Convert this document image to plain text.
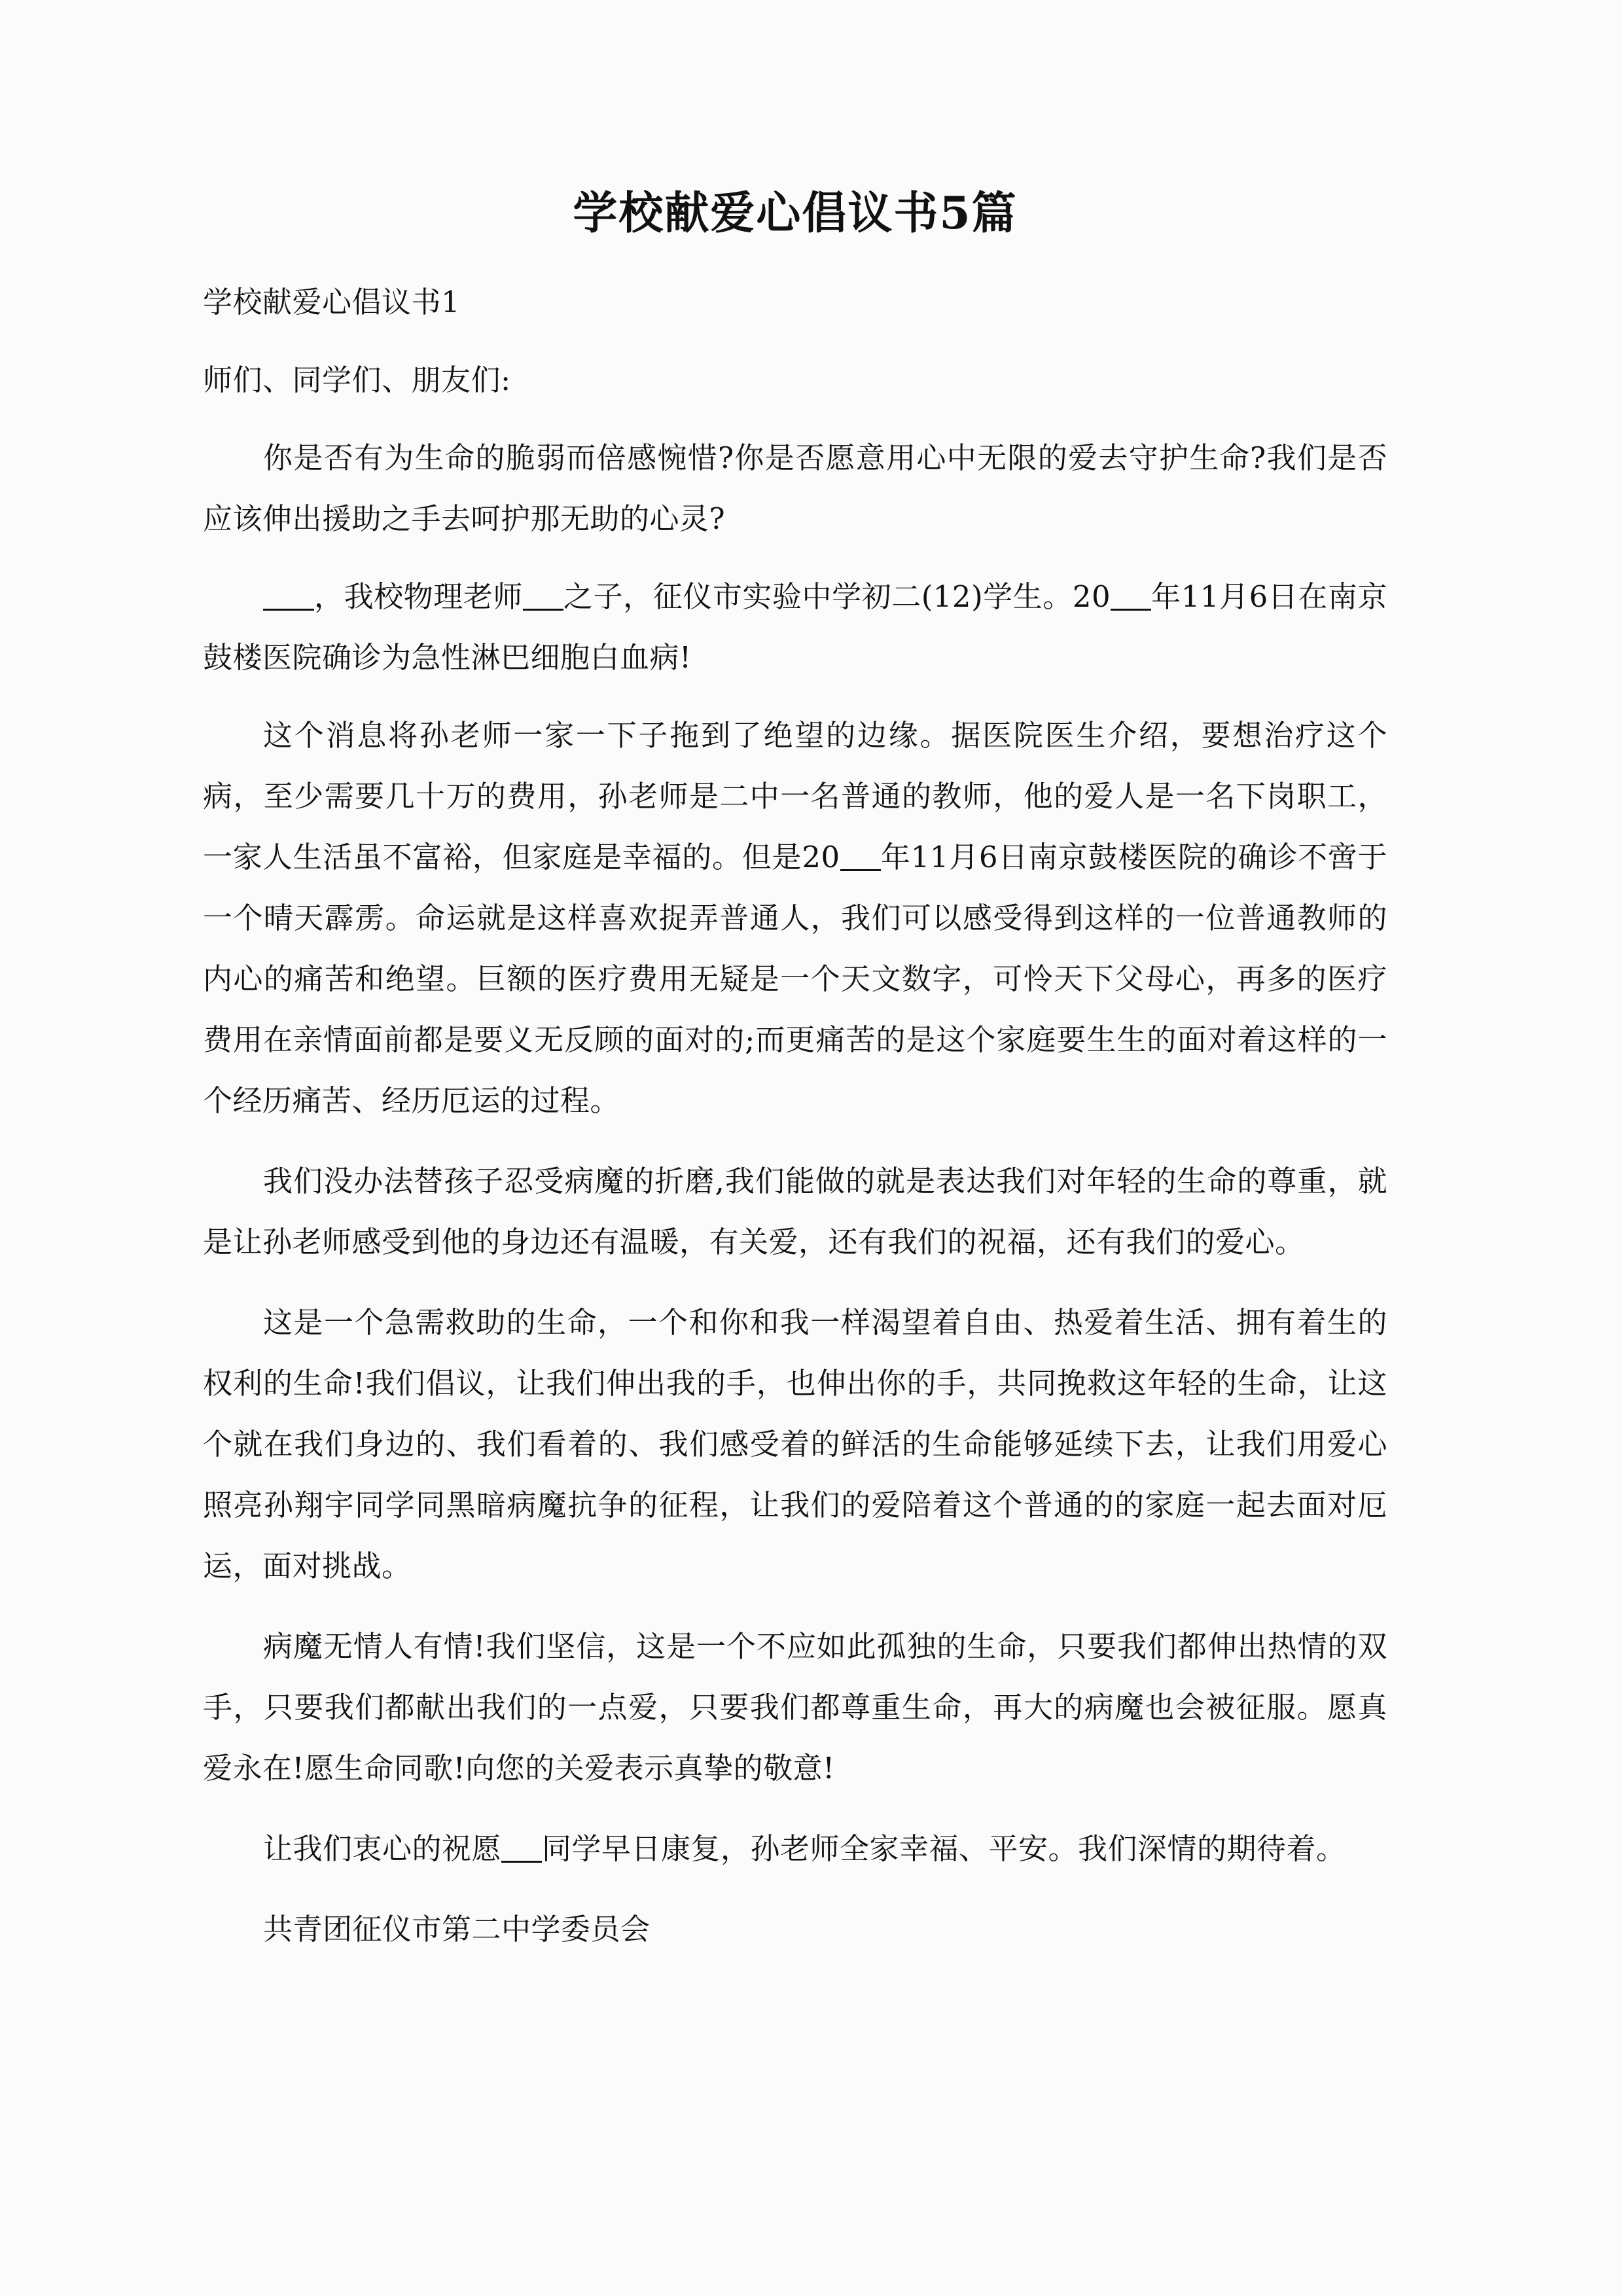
学校献爱心倡议书5篇

学校献爱心倡议书1

师们、同学们、朋友们:

你是否有为生命的脆弱而倍感惋惜?你是否愿意用心中无限的爱去守护生命?我们是否应该伸出援助之手去呵护那无助的心灵?

，我校物理老师 之子，征仪市实验中学初二(12)学生。20 年11月6日在南京鼓楼医院确诊为急性淋巴细胞白血病!

这个消息将孙老师一家一下子拖到了绝望的边缘。据医院医生介绍，要想治疗这个病，至少需要几十万的费用，孙老师是二中一名普通的教师，他的爱人是一名下岗职工，一家人生活虽不富裕，但家庭是幸福的。但是20 年11月6日南京鼓楼医院的确诊不啻于一个晴天霹雳。命运就是这样喜欢捉弄普通人，我们可以感受得到这样的一位普通教师的内心的痛苦和绝望。巨额的医疗费用无疑是一个天文数字，可怜天下父母心，再多的医疗费用在亲情面前都是要义无反顾的面对的;而更痛苦的是这个家庭要生生的面对着这样的一个经历痛苦、经历厄运的过程。

我们没办法替孩子忍受病魔的折磨,我们能做的就是表达我们对年轻的生命的尊重，就是让孙老师感受到他的身边还有温暖，有关爱，还有我们的祝福，还有我们的爱心。

这是一个急需救助的生命，一个和你和我一样渴望着自由、热爱着生活、拥有着生的权利的生命!我们倡议，让我们伸出我的手，也伸出你的手，共同挽救这年轻的生命，让这个就在我们身边的、我们看着的、我们感受着的鲜活的生命能够延续下去，让我们用爱心照亮孙翔宇同学同黑暗病魔抗争的征程，让我们的爱陪着这个普通的的家庭一起去面对厄运，面对挑战。

病魔无情人有情!我们坚信，这是一个不应如此孤独的生命，只要我们都伸出热情的双手，只要我们都献出我们的一点爱，只要我们都尊重生命，再大的病魔也会被征服。愿真爱永在!愿生命同歌!向您的关爱表示真挚的敬意!

让我们衷心的祝愿 同学早日康复，孙老师全家幸福、平安。我们深情的期待着。

共青团征仪市第二中学委员会
